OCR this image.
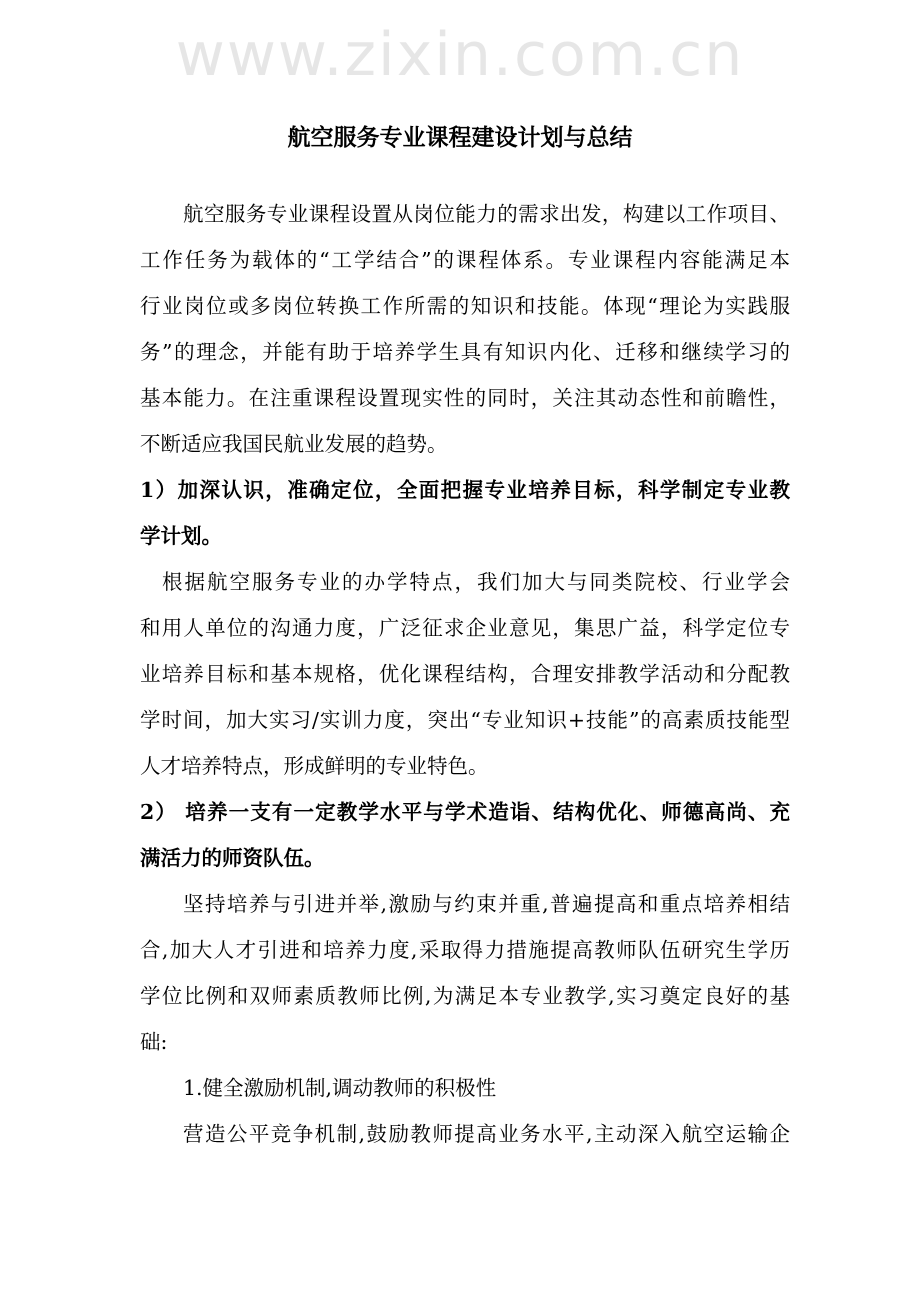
www.zixin.com.cn
航空服务专业课程建设计划与总结
航空服务专业课程设置从岗位能力的需求出发，构建以工作项目、
工作任务为载体的“工学结合”的课程体系。专业课程内容能满足本
行业岗位或多岗位转换工作所需的知识和技能。体现“理论为实践服
务”的理念，并能有助于培养学生具有知识内化、迁移和继续学习的
基本能力。在注重课程设置现实性的同时，关注其动态性和前瞻性，
不断适应我国民航业发展的趋势。
1）加深认识，准确定位，全面把握专业培养目标，科学制定专业教
学计划。
根据航空服务专业的办学特点，我们加大与同类院校、行业学会
和用人单位的沟通力度，广泛征求企业意见，集思广益，科学定位专
业培养目标和基本规格，优化课程结构，合理安排教学活动和分配教
学时间，加大实习/实训力度，突出“专业知识+技能”的高素质技能型
人才培养特点，形成鲜明的专业特色。
2） 培养一支有一定教学水平与学术造诣、结构优化、师德高尚、充
满活力的师资队伍。
坚持培养与引进并举,激励与约束并重,普遍提高和重点培养相结
合,加大人才引进和培养力度,采取得力措施提高教师队伍研究生学历
学位比例和双师素质教师比例,为满足本专业教学,实习奠定良好的基
础:
1.健全激励机制,调动教师的积极性
营造公平竞争机制,鼓励教师提高业务水平,主动深入航空运输企
